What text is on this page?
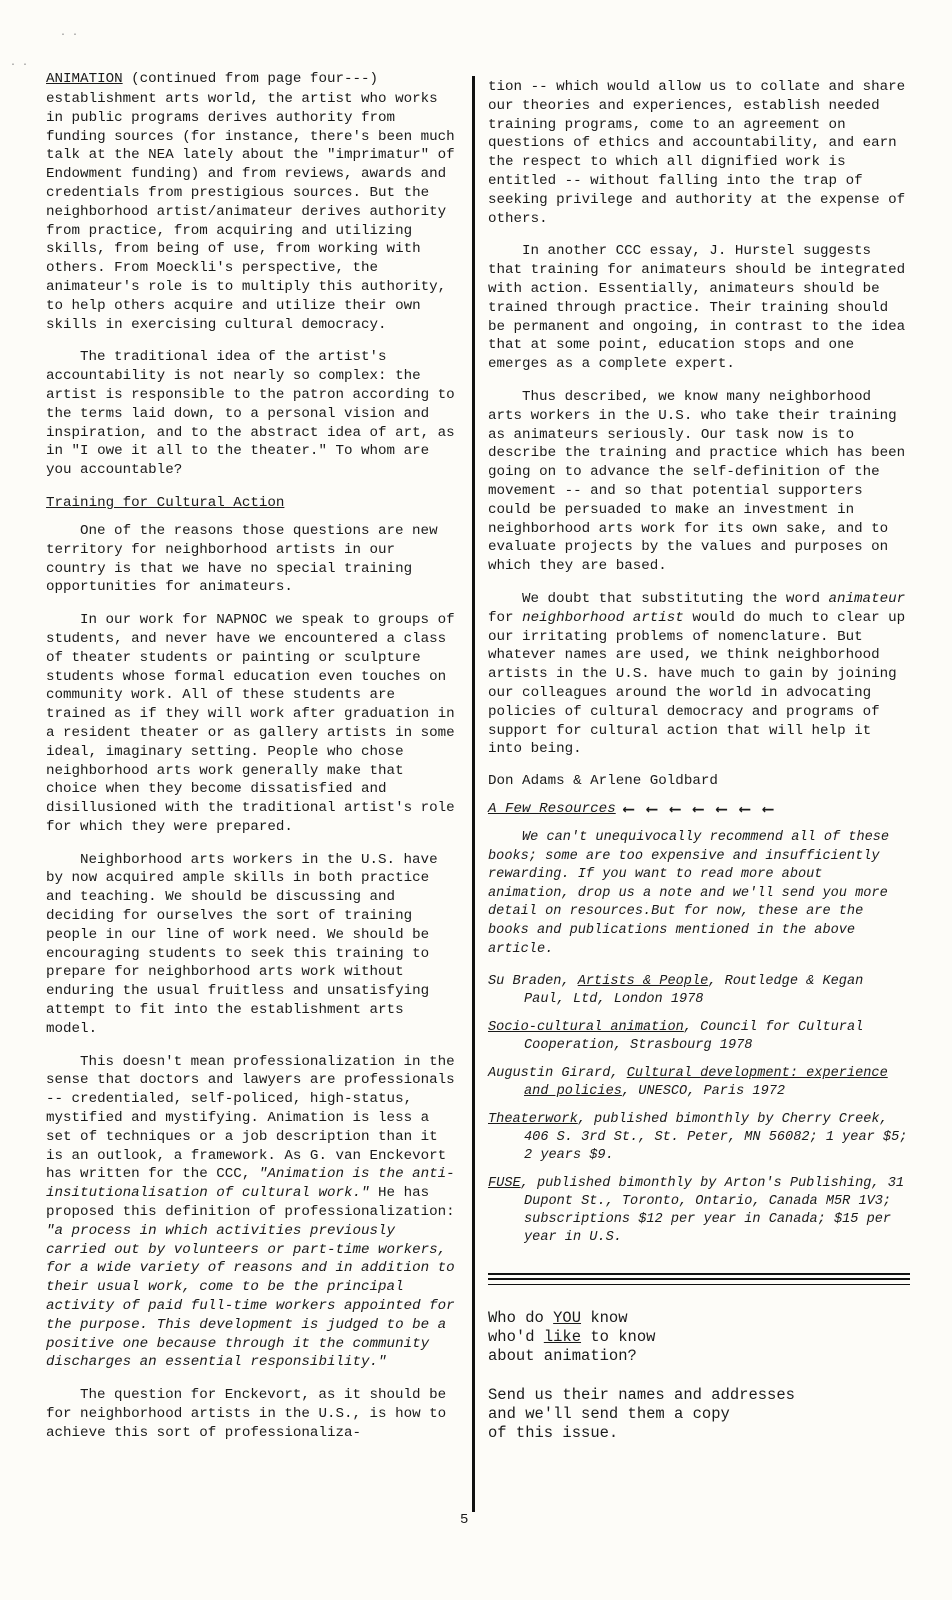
· ·
· ·
ANIMATION (continued from page four---)

establishment arts world, the artist who works in public programs derives authority from funding sources (for instance, there's been much talk at the NEA lately about the "imprimatur" of Endowment funding) and from reviews, awards and credentials from prestigious sources. But the neighborhood artist/animateur derives authority from practice, from acquiring and utilizing skills, from being of use, from working with others. From Moeckli's perspective, the animateur's role is to multiply this authority, to help others acquire and utilize their own skills in exercising cultural democracy.

The traditional idea of the artist's accountability is not nearly so complex: the artist is responsible to the patron according to the terms laid down, to a personal vision and inspiration, and to the abstract idea of art, as in "I owe it all to the theater." To whom are you accountable?

Training for Cultural Action

One of the reasons those questions are new territory for neighborhood artists in our country is that we have no special training opportunities for animateurs.

In our work for NAPNOC we speak to groups of students, and never have we encountered a class of theater students or painting or sculpture students whose formal education even touches on community work. All of these students are trained as if they will work after graduation in a resident theater or as gallery artists in some ideal, imaginary setting. People who chose neighborhood arts work generally make that choice when they become dissatisfied and disillusioned with the traditional artist's role for which they were prepared.

Neighborhood arts workers in the U.S. have by now acquired ample skills in both practice and teaching. We should be discussing and deciding for ourselves the sort of training people in our line of work need. We should be encouraging students to seek this training to prepare for neighborhood arts work without enduring the usual fruitless and unsatisfying attempt to fit into the establishment arts model.

This doesn't mean professionalization in the sense that doctors and lawyers are professionals -- credentialed, self-policed, high-status, mystified and mystifying. Animation is less a set of techniques or a job description than it is an outlook, a framework. As G. van Enckevort has written for the CCC, "Animation is the anti-insitutionalisation of cultural work." He has proposed this definition of professionalization: "a process in which activities previously carried out by volunteers or part-time workers, for a wide variety of reasons and in addition to their usual work, come to be the principal activity of paid full-time workers appointed for the purpose. This development is judged to be a positive one because through it the community discharges an essential responsibility."

The question for Enckevort, as it should be for neighborhood artists in the U.S., is how to achieve this sort of professionaliza-

tion -- which would allow us to collate and share our theories and experiences, establish needed training programs, come to an agreement on questions of ethics and accountability, and earn the respect to which all dignified work is entitled -- without falling into the trap of seeking privilege and authority at the expense of others.

In another CCC essay, J. Hurstel suggests that training for animateurs should be integrated with action. Essentially, animateurs should be trained through practice. Their training should be permanent and ongoing, in contrast to the idea that at some point, education stops and one emerges as a complete expert.

Thus described, we know many neighborhood arts workers in the U.S. who take their training as animateurs seriously. Our task now is to describe the training and practice which has been going on to advance the self-definition of the movement -- and so that potential supporters could be persuaded to make an investment in neighborhood arts work for its own sake, and to evaluate projects by the values and purposes on which they are based.

We doubt that substituting the word animateur for neighborhood artist would do much to clear up our irritating problems of nomenclature. But whatever names are used, we think neighborhood artists in the U.S. have much to gain by joining our colleagues around the world in advocating policies of cultural democracy and programs of support for cultural action that will help it into being.

Don Adams & Arlene Goldbard
A Few Resources ⟵ ⟵ ⟵ ⟵ ⟵ ⟵ ⟵
We can't unequivocally recommend all of these books; some are too expensive and insufficiently rewarding. If you want to read more about animation, drop us a note and we'll send you more detail on resources.But for now, these are the books and publications mentioned in the above article.
Su Braden, Artists & People, Routledge & Kegan Paul, Ltd, London 1978
Socio-cultural animation, Council for Cultural Cooperation, Strasbourg 1978
Augustin Girard, Cultural development: experience and policies, UNESCO, Paris 1972
Theaterwork, published bimonthly by Cherry Creek, 406 S. 3rd St., St. Peter, MN 56082; 1 year $5; 2 years $9.
FUSE, published bimonthly by Arton's Publishing, 31 Dupont St., Toronto, Ontario, Canada M5R 1V3; subscriptions $12 per year in Canada; $15 per year in U.S.
Who do YOU know
who'd like to know
about animation?
Send us their names and addresses
and we'll send them a copy
of this issue.
5
